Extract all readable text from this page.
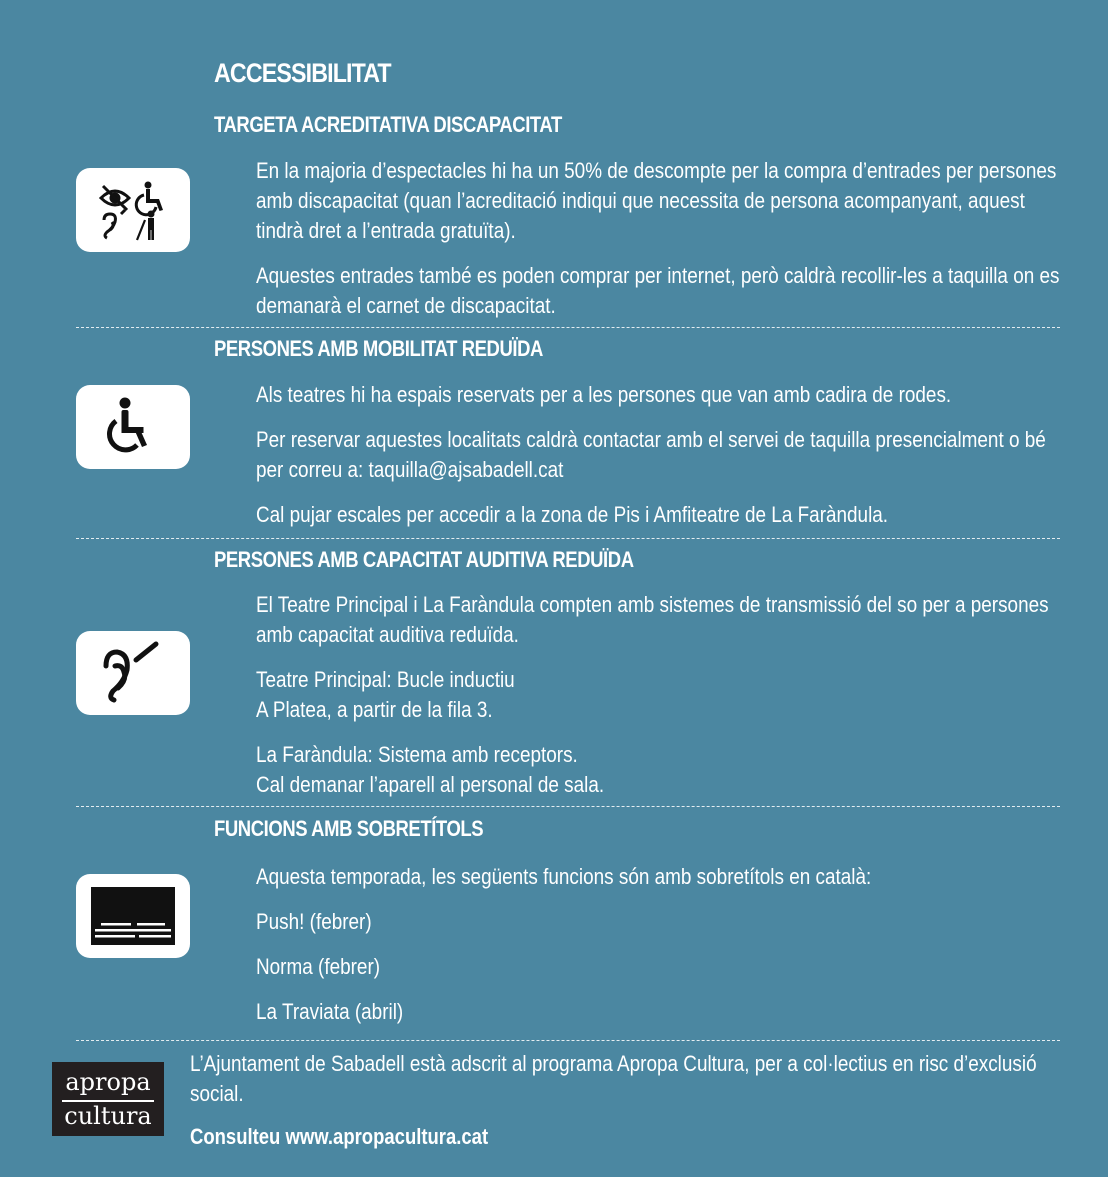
ACCESSIBILITAT
TARGETA ACREDITATIVA DISCAPACITAT

En la majoria d’espectacles hi ha un 50% de descompte per la compra d’entrades per persones amb discapacitat (quan l’acreditació indiqui que necessita de persona acompanyant, aquest tindrà dret a l’entrada gratuïta).

Aquestes entrades també es poden comprar per internet, però caldrà recollir-les a taquilla on es demanarà el carnet de discapacitat.

PERSONES AMB MOBILITAT REDUÏDA

Als teatres hi ha espais reservats per a les persones que van amb cadira de rodes.

Per reservar aquestes localitats caldrà contactar amb el servei de taquilla presencialment o bé per correu a: taquilla@ajsabadell.cat

Cal pujar escales per accedir a la zona de Pis i Amfiteatre de La Faràndula.

PERSONES AMB CAPACITAT AUDITIVA REDUÏDA

El Teatre Principal i La Faràndula compten amb sistemes de transmissió del so per a persones amb capacitat auditiva reduïda.

Teatre Principal: Bucle inductiu

A Platea, a partir de la fila 3.

La Faràndula: Sistema amb receptors.

Cal demanar l’aparell al personal de sala.

FUNCIONS AMB SOBRETÍTOLS

Aquesta temporada, les següents funcions són amb sobretítols en català:

Push! (febrer)

Norma (febrer)

La Traviata (abril)

apropa
cultura
L’Ajuntament de Sabadell està adscrit al programa Apropa Cultura, per a col·lectius en risc d’exclusió social.
Consulteu www.apropacultura.cat
